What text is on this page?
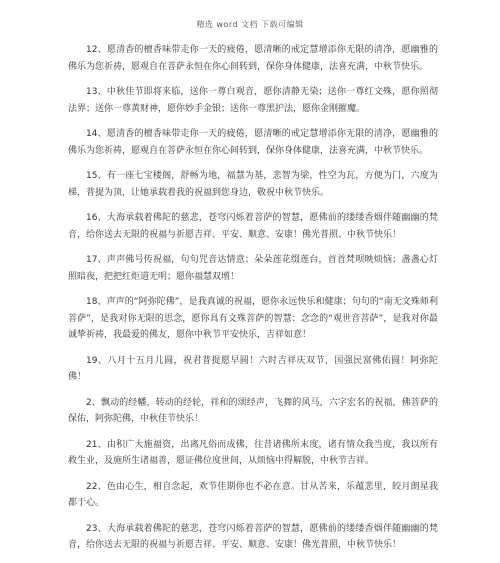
精选 word 文档 下载可编辑

12、愿清香的檀香味带走你一天的疲倦，愿清晰的戒定慧增添你无限的清净，愿幽雅的佛乐为您祈祷，愿观自在菩萨永恒在你心间转到，保你身体健康，法喜充满，中秋节快乐。

13、中秋佳节即将来临，送你一尊白观音，愿你清静无染；送你一尊红文殊，愿你照彻法界；送你一尊黄财神，愿你妙手金银；送你一尊黑护法，愿你金刚摧魔。

14、愿清香的檀香味带走你一天的疲倦，愿清晰的戒定慧增添你无限的清净，愿幽雅的佛乐为您祈祷，愿观自在菩萨永恒在你心间转到，保你身体健康，法喜充满，中秋节快乐。

15、有一座七宝楼阁，舒畅为地，福慧为基，悲智为梁，性空为瓦，方便为门，六度为梯，普提为顶，让她承载着我的祝福到您身边，敬祝中秋节快乐。

16、大海承载着佛陀的慈悲，苍穹闪烁着菩萨的智慧，愿佛前的缕缕香烟伴随幽幽的梵音，给你送去无限的祝福与祈愿吉祥、平安、顺意、安康！佛光普照、中秋节快乐！

17、声声佛号传祝福，句句咒音达情意；朵朵莲花缀莲台，首首梵呗映烦恼；盏盏心灯照暗夜，把把红炬道无明；愿你福慧双增！

18、声声的“阿弥陀佛”，是我真诚的祝福，愿你永远快乐和健康；句句的“南无文殊师利菩萨”，是我对你无限的思念，愿你具有文殊菩萨的智慧；念念的“观世音菩萨”，是我对你最诚挚祈祷，我最爱的佛友，愿你中秋节平安快乐，吉祥如意！

19、八月十五月儿圆，祝君普提愿早圆！六时吉祥庆双节，国强民富佛佑圆！阿弥陀佛！

2、飘动的经幡，转动的经轮，祥和的颂经声，飞舞的风马，六字宏名的祝福，佛菩萨的保佑，阿弥陀佛，中秋佳节快乐！

21、由积广大施福资，出离凡俗而成佛，往昔诸佛所末度，诸有情众我当度，我以所有救生业，及施所生诸福善，愿证佛位度世间，从烦恼中得解脱，中秋节吉祥。

22、色由心生，相自念起，欢节佳期你也不必在意。甘从苦来，乐蕴悲里，皎月朗星我都于心。

23、大海承载着佛陀的慈悲，苍穹闪烁着菩萨的智慧，愿佛前的缕缕香烟伴随幽幽的梵音，给你送去无限的祝福与祈愿吉祥、平安、顺意、安康！佛光普照，中秋节快乐！
